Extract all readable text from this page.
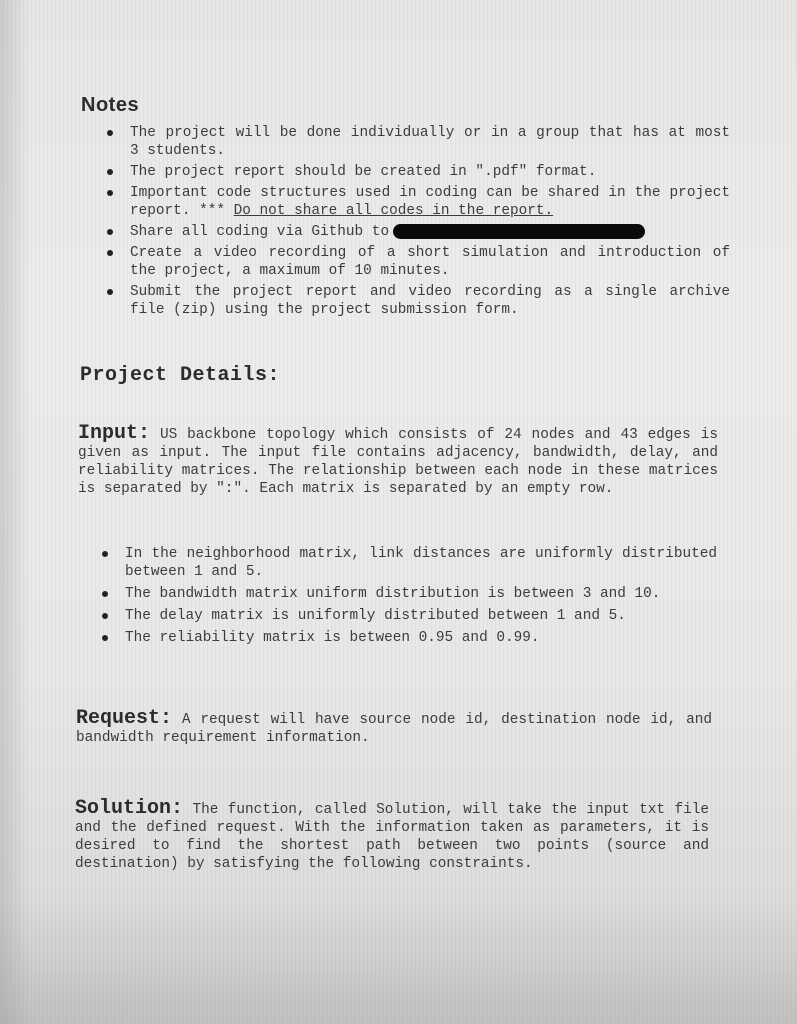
Notes
The project will be done individually or in a group that has at most 3 students.
The project report should be created in ".pdf" format.
Important code structures used in coding can be shared in the project report. *** Do not share all codes in the report.
Share all coding via Github to
Create a video recording of a short simulation and introduction of the project, a maximum of 10 minutes.
Submit the project report and video recording as a single archive file (zip) using the project submission form.
Project Details:
Input: US backbone topology which consists of 24 nodes and 43 edges is given as input. The input file contains adjacency, bandwidth, delay, and reliability matrices. The relationship between each node in these matrices is separated by ":". Each matrix is separated by an empty row.
In the neighborhood matrix, link distances are uniformly distributed between 1 and 5.
The bandwidth matrix uniform distribution is between 3 and 10.
The delay matrix is uniformly distributed between 1 and 5.
The reliability matrix is between 0.95 and 0.99.
Request: A request will have source node id, destination node id, and bandwidth requirement information.
Solution: The function, called Solution, will take the input txt file and the defined request. With the information taken as parameters, it is desired to find the shortest path between two points (source and destination) by satisfying the following constraints.
